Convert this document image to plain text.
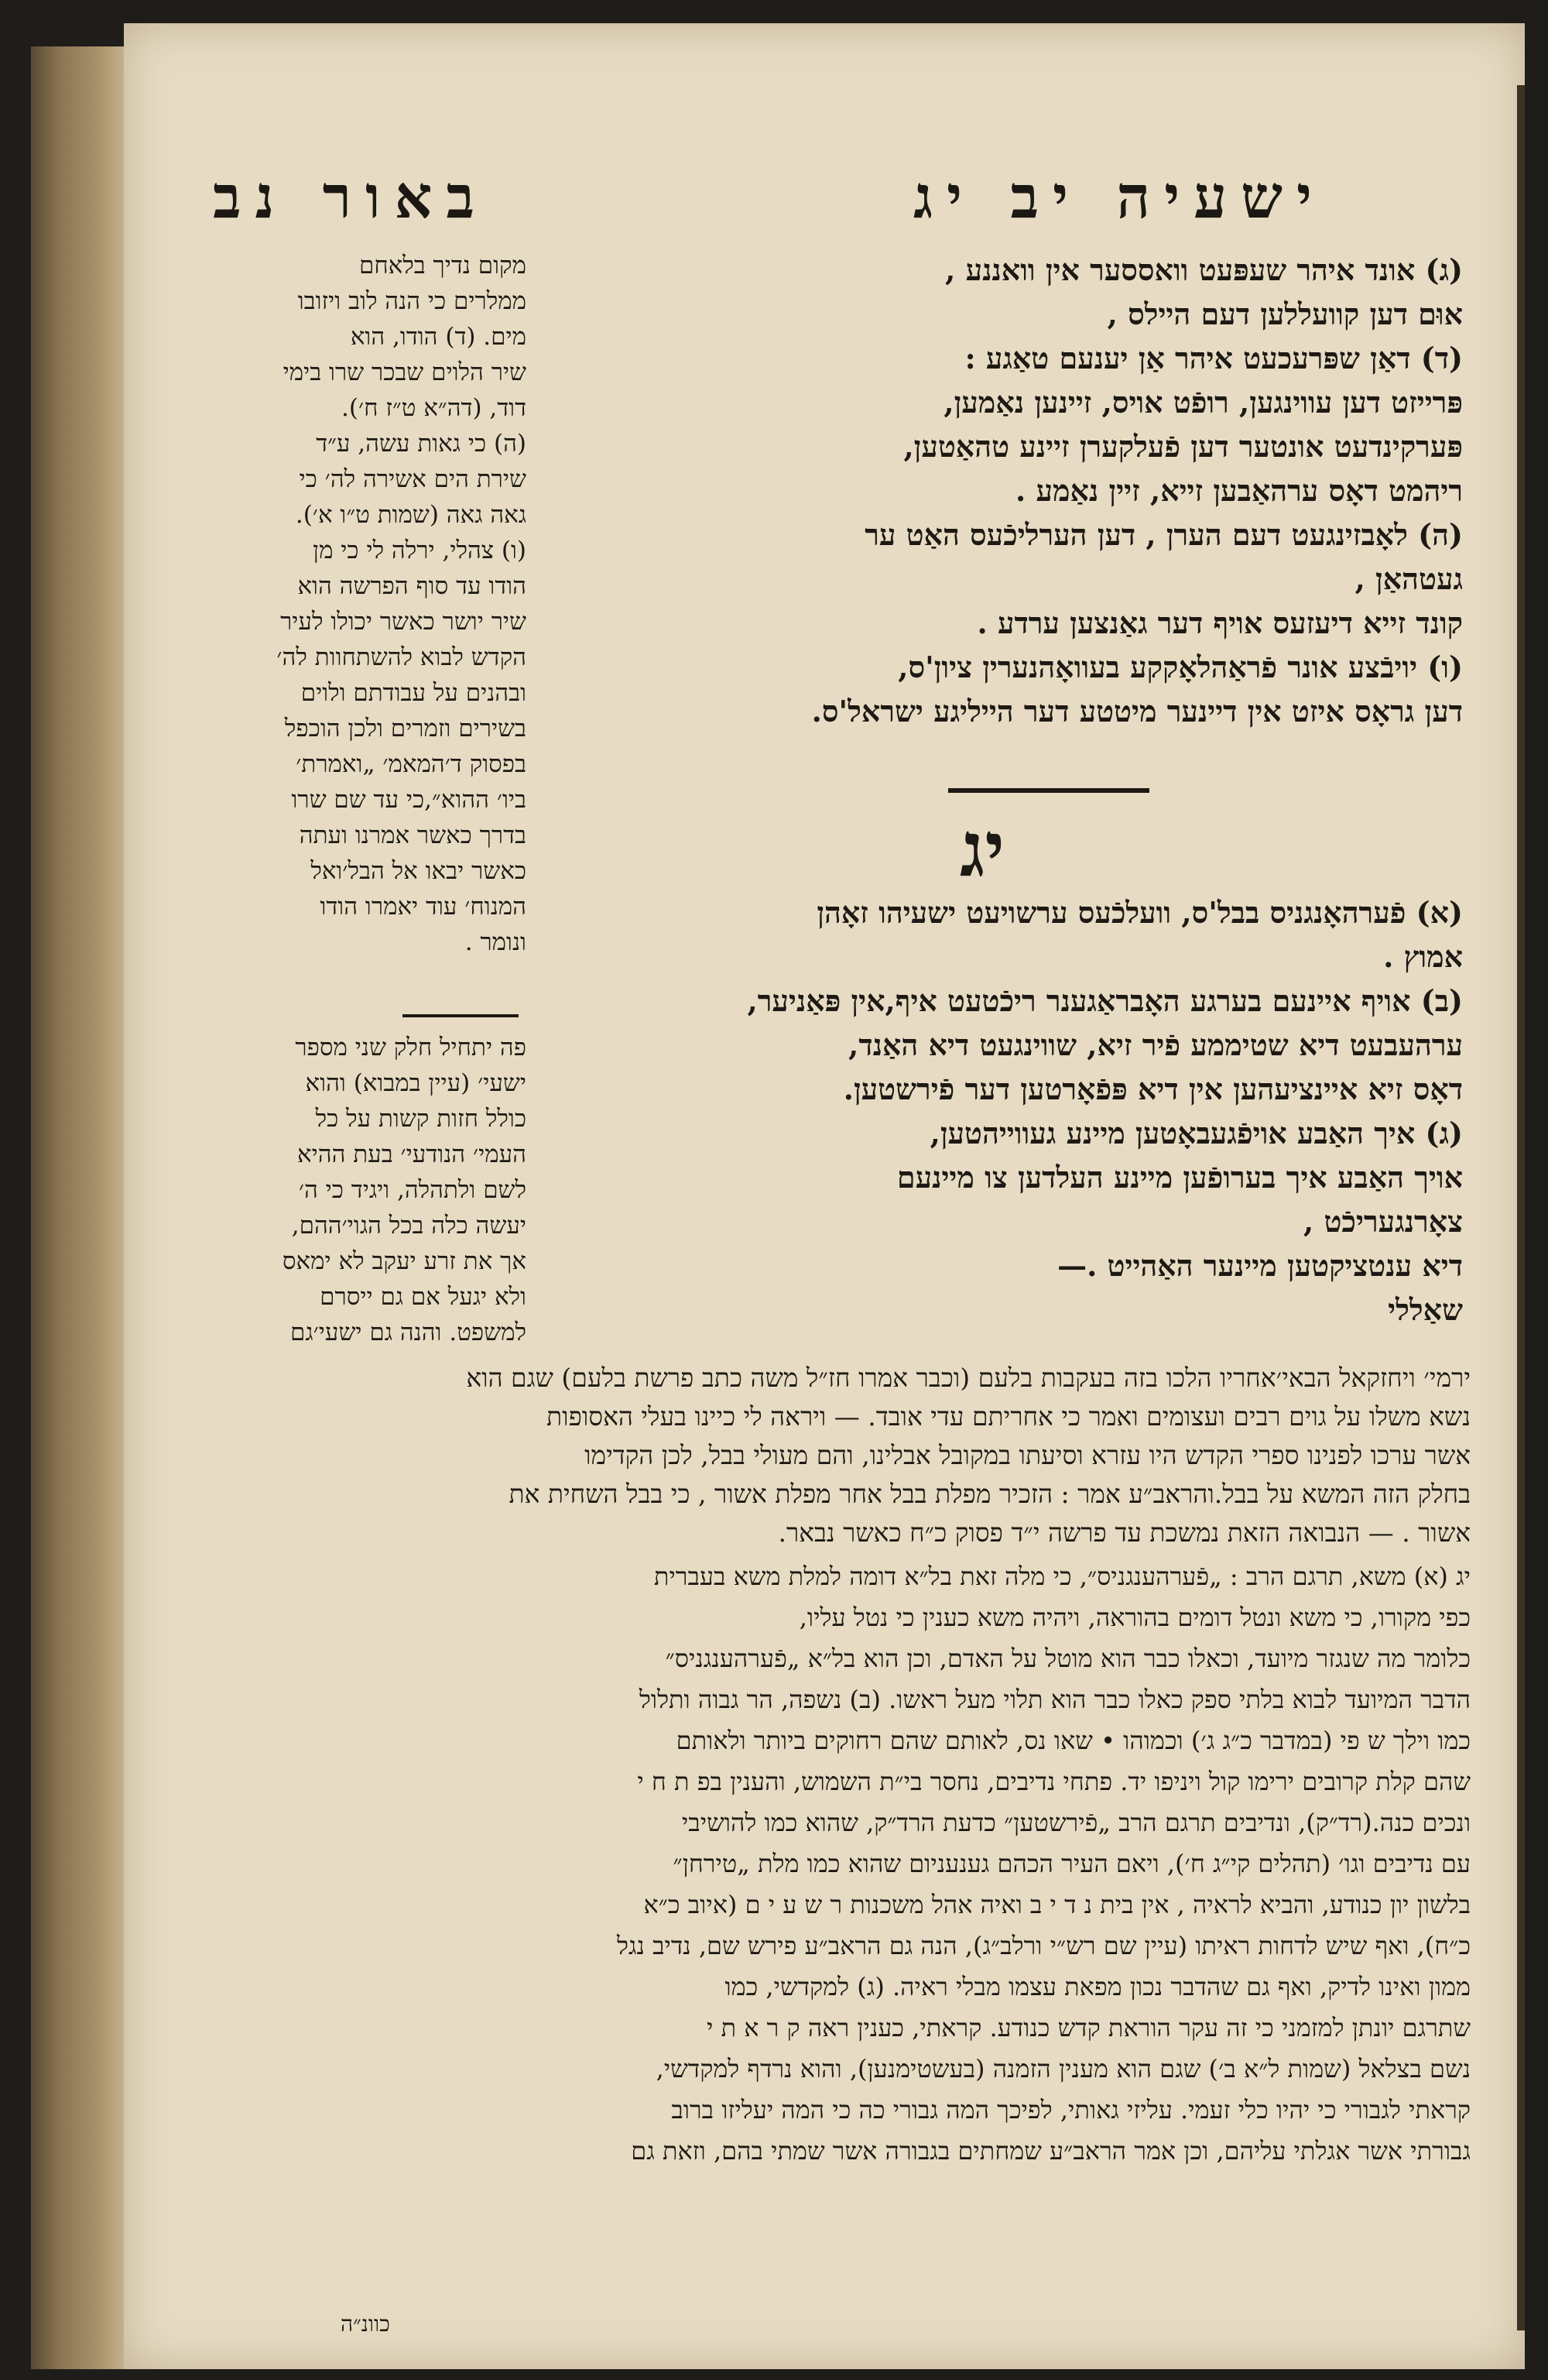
באור נב	ישעיה יב יג
(ג) אונד איהר שעפּעט וואססער אין וואננע ,
אוּם דען קוועללען דעם היילס ,
(ד) דאַן שפּרעכעט איהר אַן יענעם טאַגע :
פּרייזט דען עווינגען, רופֿט אויס, זיינען נאַמען,
פּערקינדעט אונטער דען פֿעלקערן זיינע טהאַטען,
ריהמט דאָס ערהאַבען זייא, זיין נאַמע .
(ה) לאָבזינגעט דעם הערן , דען הערליכֿעס האַט ער
געטהאַן ,
קונד זייא דיעזעס אויף דער גאַנצען ערדע .
(ו) יויבֿצע אונר פֿראַהלאָקקע בעוואָהנערין ציון'ס,
דען גראָס איזט אין דיינער מיטטע דער הייליגע ישראל'ס.
יג
(א) פֿערהאָנגניס בבל'ס, וועלכֿעס ערשויעט ישעיהו זאָהן
אמוץ .
(ב) אויף איינעם בערגע האָבראַגענר ריכֿטעט איף,אין פּאַניער,
ערהעבעט דיא שטיממע פֿיר זיא, שווינגעט דיא האַנד,
דאָס זיא איינציעהען אין דיא פּפֿאָרטען דער פֿירשטען.
(ג) איך האַבע אויפֿגעבאָטען מיינע געווייהטען,
אויך האַבע איך בערופֿען מיינע העלדען צו מיינעם
צאָרנגעריכֿט ,
דיא ענטציקטען מיינער האַהייט .—
שאַללי
מקום נדיך בלאחם
ממלרים כי הנה לוב ויזובו
מים. (ד) הודו, הוא
שיר הלוים שבכר שרו בימי
דוד, (דה״א ט״ז ח׳).
(ה) כי גאות עשה, ע״ד
שירת הים אשירה לה׳ כי
גאה גאה (שמות ט״ו א׳).
(ו) צהלי, ירלה לי כי מן
הודו עד סוף הפרשה הוא
שיר יושר כאשר יכולו לעיר
הקדש לבוא להשתחוות לה׳
ובהנים על עבודתם ולוים
בשירים וזמרים ולכן הוכפל
בפסוק ד׳המאמ׳ „ואמרת׳
ביו׳ ההוא״,כי עד שם שרו
בדרך כאשר אמרנו ועתה
כאשר יבאו אל הבל׳ואל
המנוח׳ עוד יאמרו הודו
ונומר .
פה יתחיל חלק שני מספר
ישעי׳ (עיין במבוא) והוא
כולל חזות קשות על כל
העמי׳ הנודעי׳ בעת ההיא
לשם ולתהלה, ויגיד כי ה׳
יעשה כלה בכל הגוי׳ההם,
אך את זרע יעקב לא ימאס
ולא יגעל אם גם ייסרם
למשפט. והנה גם ישעי׳גם
ירמי׳ ויחזקאל הבאי׳אחריו הלכו בזה בעקבות בלעם (וכבר אמרו חז״ל משה כתב פרשת בלעם) שגם הוא
נשא משלו על גוים רבים ועצומים ואמר כי אחריתם עדי אובד. — ויראה לי כיינו בעלי האסופות
אשר ערכו לפנינו ספרי הקדש היו עזרא וסיעתו במקובל אבלינו, והם מעולי בבל, לכן הקדימו
בחלק הזה המשא על בבל.והראב״ע אמר : הזכיר מפלת בבל אחר מפלת אשור , כי בבל השחית את
אשור . — הנבואה הזאת נמשכת עד פרשה י״ד פסוק כ״ח כאשר נבאר.
יג (א) משא, תרגם הרב : „פֿערהענגניס״, כי מלה זאת בל״א דומה למלת משא בעברית
כפי מקורו, כי משא ונטל דומים בהוראה, ויהיה משא כענין כי נטל עליו,
כלומר מה שנגזר מיועד, וכאלו כבר הוא מוטל על האדם, וכן הוא בל״א „פֿערהענגניס״
הדבר המיועד לבוא בלתי ספק כאלו כבר הוא תלוי מעל ראשו. (ב) נשפה, הר גבוה ותלול
כמו וילך ש פי (במדבר כ״ג ג׳) וכמוהו • שאו נס, לאותם שהם רחוקים ביותר ולאותם
שהם קלת קרובים ירימו קול ויניפו יד. פתחי נדיבים, נחסר בי״ת השמוש, והענין בפ ת ח י
ונכים כנה.(רד״ק), ונדיבים תרגם הרב „פֿירשטען״ כדעת הרד״ק, שהוא כמו להושיבי
עם נדיבים וגו׳ (תהלים קי״ג ח׳), ויאם העיר הכהם גענעניום שהוא כמו מלת „טירחן״
בלשון יון כנודע, והביא לראיה , אין בית נ ד י ב ואיה אהל משכנות ר ש ע י ם (איוב כ״א
כ״ח), ואף שיש לדחות ראיתו (עיין שם רש״י ורלב״ג), הנה גם הראב״ע פירש שם, נדיב נגל
ממון ואינו לדיק, ואף גם שהדבר נכון מפאת עצמו מבלי ראיה. (ג) למקדשי, כמו
שתרגם יונתן למזמני כי זה עקר הוראת קדש כנודע. קראתי, כענין ראה ק ר א ת י
נשם בצלאל (שמות ל״א ב׳) שגם הוא מענין הזמנה (בעשטימנען), והוא נרדף למקדשי,
קראתי לגבורי כי יהיו כלי זעמי. עליזי גאותי, לפיכך המה גבורי כה כי המה יעליזו ברוב
גבורתי אשר אגלתי עליהם, וכן אמר הראב״ע שמחתים בגבורה אשר שמתי בהם, וזאת גם
כוונ״ה
